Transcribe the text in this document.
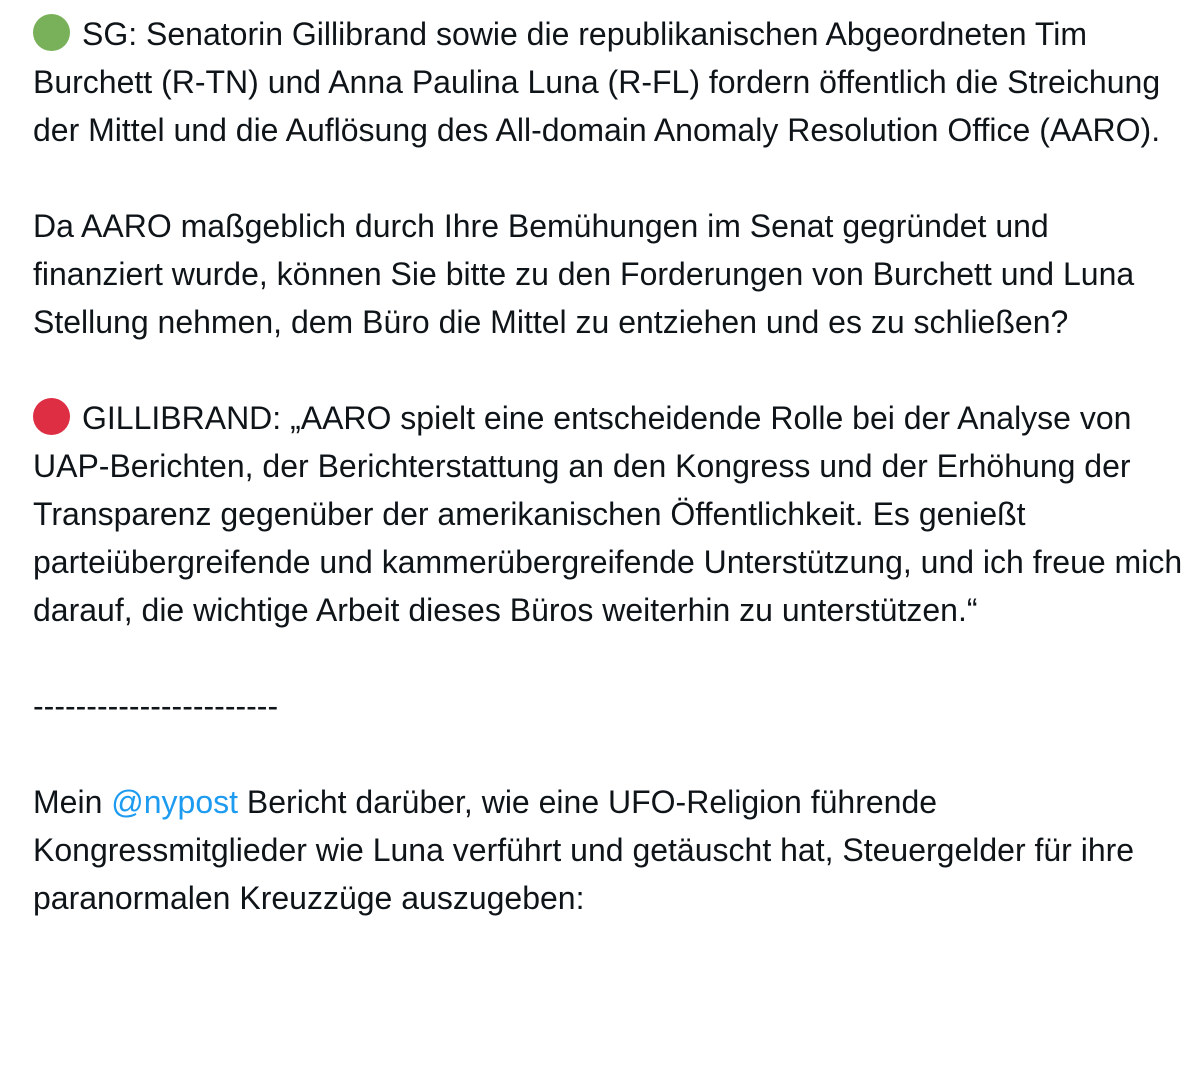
SG: Senatorin Gillibrand sowie die republikanischen Abgeordneten Tim Burchett (R-TN) und Anna Paulina Luna (R-FL) fordern öffentlich die Streichung der Mittel und die Auflösung des All-domain Anomaly Resolution Office (AARO).

Da AARO maßgeblich durch Ihre Bemühungen im Senat gegründet und finanziert wurde, können Sie bitte zu den Forderungen von Burchett und Luna Stellung nehmen, dem Büro die Mittel zu entziehen und es zu schließen?

GILLIBRAND: „AARO spielt eine entscheidende Rolle bei der Analyse von UAP-Berichten, der Berichterstattung an den Kongress und der Erhöhung der Transparenz gegenüber der amerikanischen Öffentlichkeit. Es genießt parteiübergreifende und kammerübergreifende Unterstützung, und ich freue mich darauf, die wichtige Arbeit dieses Büros weiterhin zu unterstützen.“

-----------------------

Mein @nypost Bericht darüber, wie eine UFO-Religion führende Kongressmitglieder wie Luna verführt und getäuscht hat, Steuergelder für ihre paranormalen Kreuzzüge auszugeben:
